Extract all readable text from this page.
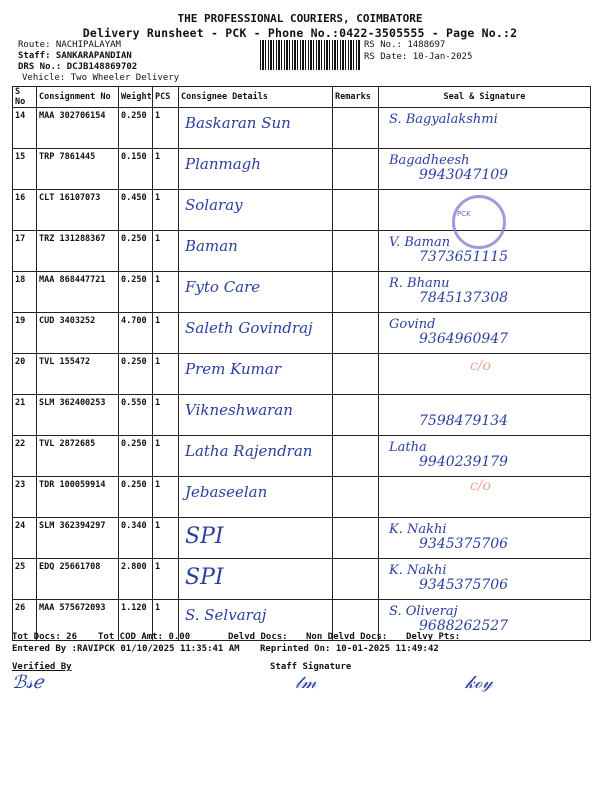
THE PROFESSIONAL COURIERS, COIMBATORE
Delivery Runsheet - PCK - Phone No.:0422-3505555 - Page No.:2
Route: NACHIPALAYAM
Staff: SANKARAPANDIAN
DRS No.: DCJB148869702
Vehicle: Two Wheeler Delivery
RS No.: 1488697
RS Date: 10-Jan-2025
S No	Consignment No	Weight	PCS	Consignee Details	Remarks	Seal & Signature
14	MAA 302706154	0.250	1	Baskaran Sun		S. Bagyalakshmi

15	TRP 7861445	0.150	1	Planmagh		Bagadheesh
9943047109

16	CLT 16107073	0.450	1	Solaray		

17	TRZ 131288367	0.250	1	Baman		V. Baman
7373651115

18	MAA 868447721	0.250	1	Fyto Care		R. Bhanu
7845137308

19	CUD 3403252	4.700	1	Saleth Govindraj		Govind
9364960947

20	TVL 155472	0.250	1	Prem Kumar		

21	SLM 362400253	0.550	1	Vikneshwaran		7598479134

22	TVL 2872685	0.250	1	Latha Rajendran		Latha
9940239179

23	TDR 100059914	0.250	1	Jebaseelan		

24	SLM 362394297	0.340	1	SPI		K. Nakhi
9345375706

25	EDQ 25661708	2.800	1	SPI		K. Nakhi
9345375706

26	MAA 575672093	1.120	1	S. Selvaraj		S. Oliveraj
9688262527
PCK
c/o
c/o
Tot Docs: 26 Tot COD Amt: 0.00	Delvd Docs: Non Delvd Docs: Delvy Pts:
Entered By :RAVIPCK 01/10/2025 11:35:41 AM Reprinted On: 10-01-2025 11:49:42
Verified By	Staff Signature
ℬ𝓈ℯ	𝓉𝓂	𝓀ℴ𝓎
